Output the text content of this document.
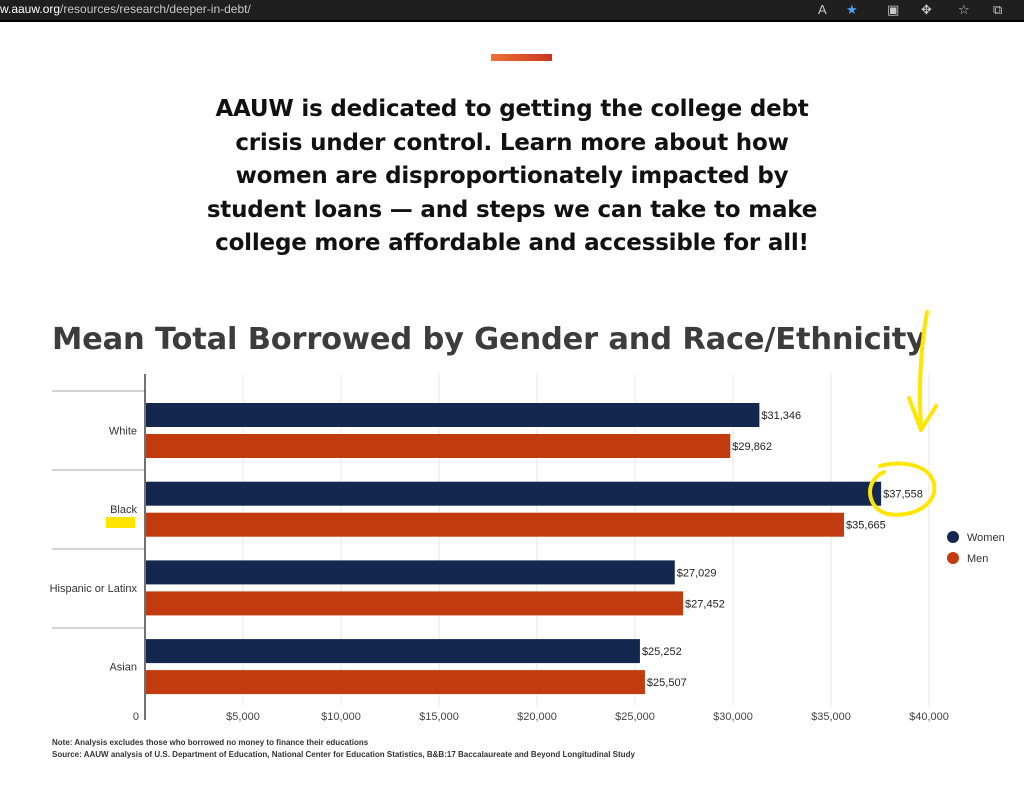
w.aauw.org/resources/research/deeper-in-debt/	A ★ ▣ ✥ ☆ ⧉

AAUW is dedicated to getting the college debt crisis under control. Learn more about how women are disproportionately impacted by student loans — and steps we can take to make college more affordable and accessible for all!

Mean Total Borrowed by Gender and Race/Ethnicity
$31,346
$29,862
White
$37,558
$35,665
Black
$27,029
$27,452
Hispanic or Latinx
$25,252
$25,507
Asian
0	$5,000	$10,000	$15,000	$20,000	$25,000	$30,000	$35,000	$40,000
Women
Men
Note: Analysis excludes those who borrowed no money to finance their educations
Source: AAUW analysis of U.S. Department of Education, National Center for Education Statistics, B&B:17 Baccalaureate and Beyond Longitudinal Study
